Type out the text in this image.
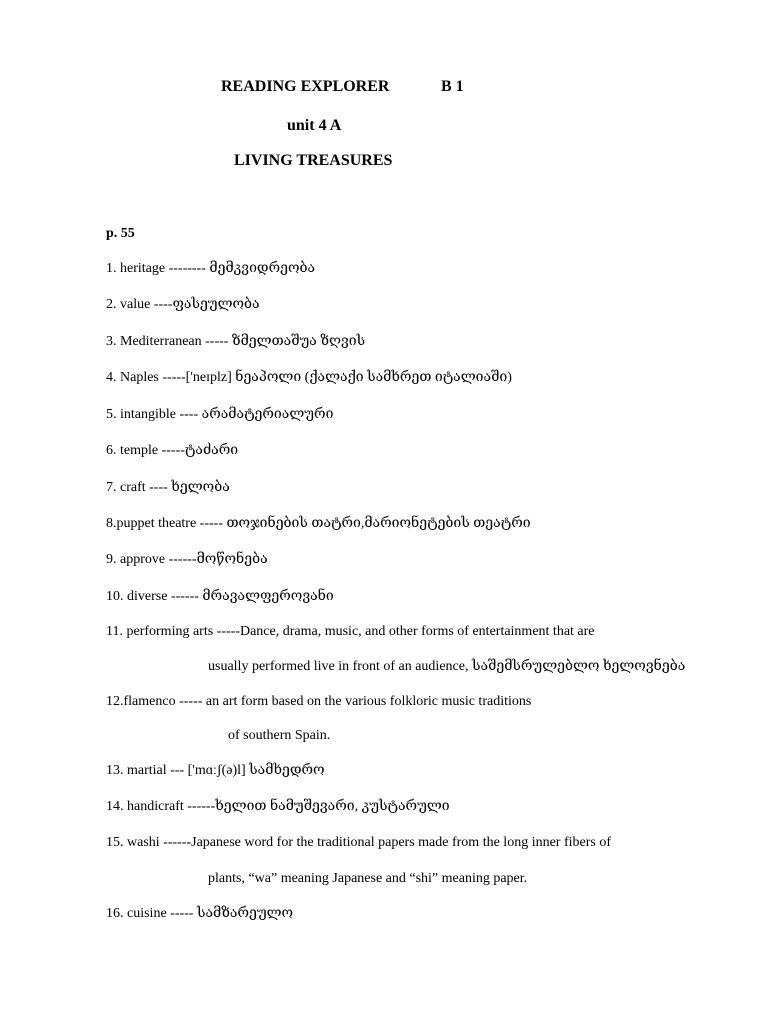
READING EXPLORER	B 1
unit 4 A
LIVING TREASURES
p. 55
1. heritage -------- მემკვიდრეობა
2. value ----ფასეულობა
3. Mediterranean ----- ზმელთაშუა ზღვის
4. Naples -----['neɪplz] ნეაპოლი (ქალაქი სამხრეთ იტალიაში)
5. intangible ---- არამატერიალური
6. temple -----ტაძარი
7. craft ---- ხელობა
8.puppet theatre ----- თოჯინების თატრი,მარიონეტების თეატრი
9. approve ------მოწონება
10. diverse ------ მრავალფეროვანი
11. performing arts -----Dance, drama, music, and other forms of entertainment that are
usually performed live in front of an audience, საშემსრულებლო ხელოვნება
12.flamenco ----- an art form based on the various folkloric music traditions
of southern Spain.
13. martial --- ['mɑːʃ(ə)l] სამხედრო
14. handicraft ------ხელით ნამუშევარი, კუსტარული
15. washi ------Japanese word for the traditional papers made from the long inner fibers of
plants, “wa” meaning Japanese and “shi” meaning paper.
16. cuisine ----- სამზარეულო
